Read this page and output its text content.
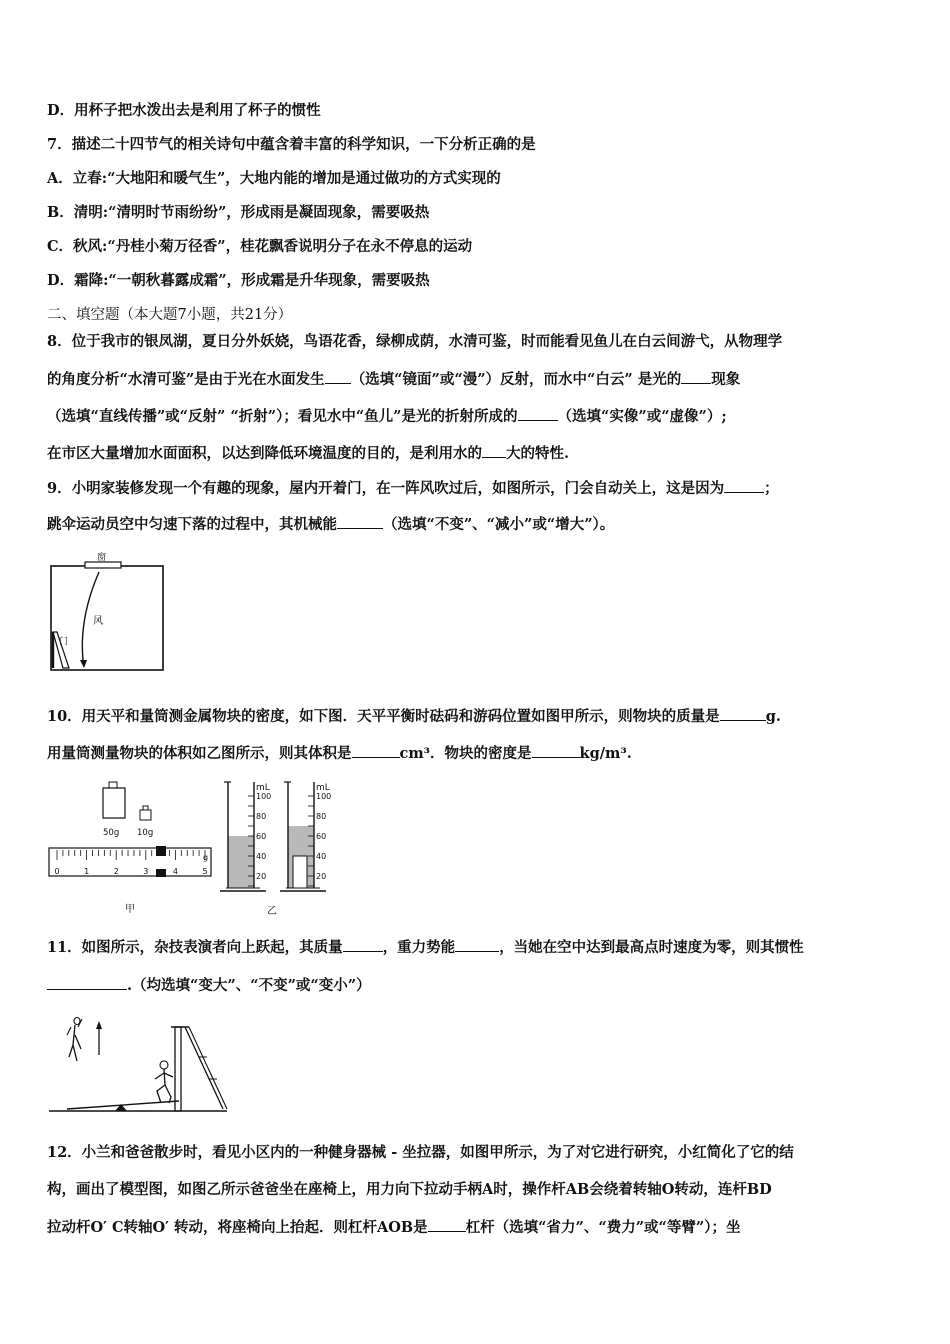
D．用杯子把水泼出去是利用了杯子的惯性
7．描述二十四节气的相关诗句中蕴含着丰富的科学知识，一下分析正确的是
A．立春:“大地阳和暖气生”，大地内能的增加是通过做功的方式实现的
B．清明:“清明时节雨纷纷”，形成雨是凝固现象，需要吸热
C．秋风:“丹桂小菊万径香”，桂花飘香说明分子在永不停息的运动
D．霜降:“一朝秋暮露成霜”，形成霜是升华现象，需要吸热
二、填空题（本大题7小题，共21分）
8．位于我市的银凤湖，夏日分外妖娆，鸟语花香，绿柳成荫，水清可鉴，时而能看见鱼儿在白云间游弋，从物理学
的角度分析“水清可鉴”是由于光在水面发生 （选填“镜面”或“漫”）反射，而水中“白云” 是光的 现象
（选填“直线传播”或“反射” “折射”）；看见水中“鱼儿”是光的折射所成的	（选填“实像”或“虚像”）;
在市区大量增加水面面积，以达到降低环境温度的目的，是利用水的 大的特性.
9．小明家装修发现一个有趣的现象，屋内开着门，在一阵风吹过后，如图所示，门会自动关上，这是因为	；
跳伞运动员空中匀速下落的过程中，其机械能	（选填“不变”、“减小”或“增大”）。
窗
风
门
10．用天平和量筒测金属物块的密度，如下图．天平平衡时砝码和游码位置如图甲所示，则物块的质量是	g.
用量筒测量物块的体积如乙图所示，则其体积是	cm³．物块的密度是	kg/m³.
50g 10g
0	1	2	3	4	5
g
甲
mL
100
80
60
40
20
mL
100
80
60
40
20
乙
11．如图所示，杂技表演者向上跃起，其质量	，重力势能	，当她在空中达到最高点时速度为零，则其惯性
.（均选填“变大”、“不变”或“变小”）
12．小兰和爸爸散步时，看见小区内的一种健身器械 - 坐拉器，如图甲所示，为了对它进行研究，小红简化了它的结
构，画出了模型图，如图乙所示爸爸坐在座椅上，用力向下拉动手柄A时，操作杆AB会绕着转轴O转动，连杆BD
拉动杆O′ C转轴O′ 转动，将座椅向上抬起．则杠杆AOB是	杠杆（选填“省力”、“费力”或“等臂”）；坐
